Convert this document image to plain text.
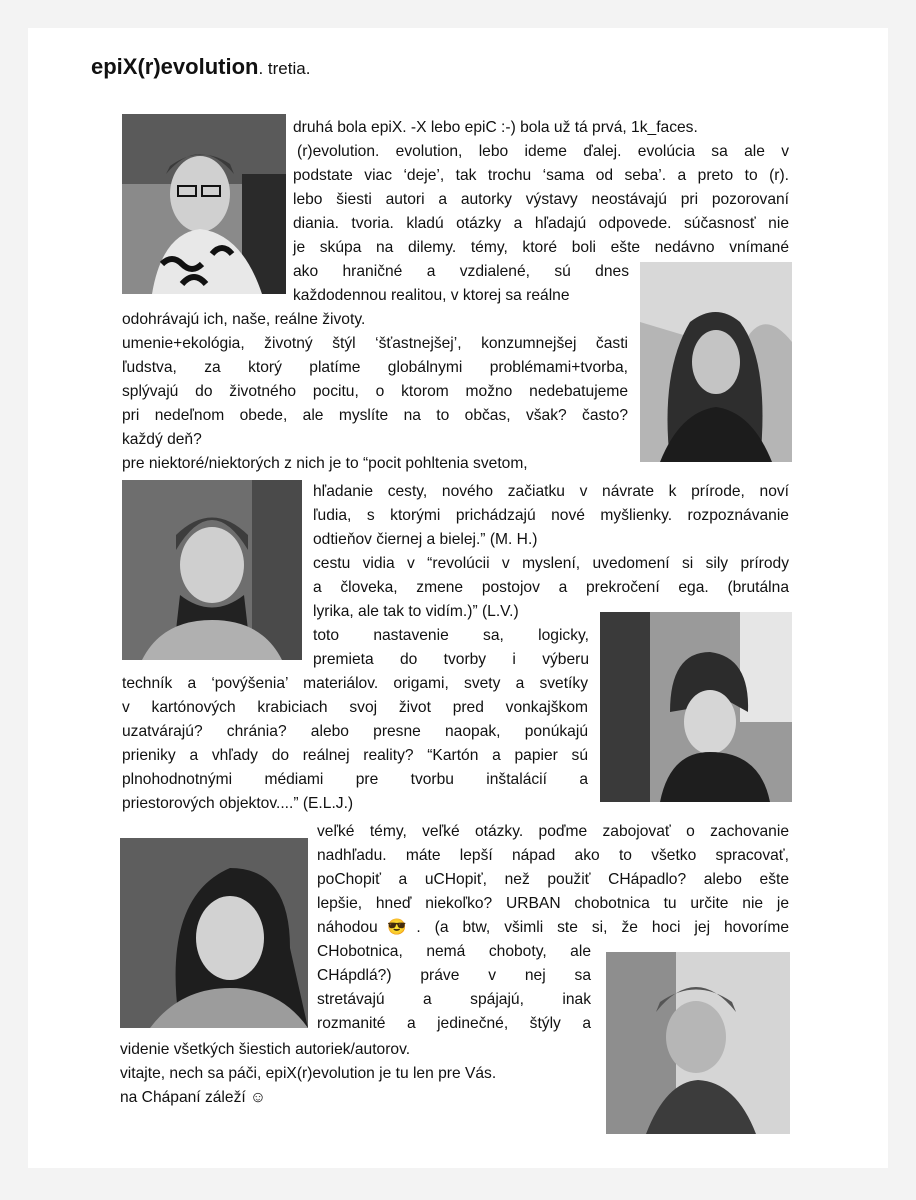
epiX(r)evolution. tretia.
druhá bola epiX. -X lebo epiC :-) bola už tá prvá, 1k_faces.
(r)evolution. evolution, lebo ideme ďalej. evolúcia sa ale v
podstate viac ‘deje’, tak trochu ‘sama od seba’. a preto to (r).
lebo šiesti autori a autorky výstavy neostávajú pri pozorovaní
diania. tvoria. kladú otázky a hľadajú odpovede. súčasnosť nie
je skúpa na dilemy. témy, ktoré boli ešte nedávno vnímané
ako hraničné a vzdialené, sú dnes
každodennou realitou, v ktorej sa reálne
odohrávajú ich, naše, reálne životy.
umenie+ekológia, životný štýl ‘šťastnejšej’, konzumnejšej časti
ľudstva, za ktorý platíme globálnymi problémami+tvorba,
splývajú do životného pocitu, o ktorom možno nedebatujeme
pri nedeľnom obede, ale myslíte na to občas, však? často?
každý deň?
pre niektoré/niektorých z nich je to “pocit pohltenia svetom,
hľadanie cesty, nového začiatku v návrate k prírode, noví
ľudia, s ktorými prichádzajú nové myšlienky. rozpoznávanie
odtieňov čiernej a bielej.” (M. H.)
cestu vidia v “revolúcii v myslení, uvedomení si sily prírody
a človeka, zmene postojov a prekročení ega. (brutálna
lyrika, ale tak to vidím.)” (L.V.)
toto nastavenie sa, logicky,
premieta do tvorby i výberu
techník a ‘povýšenia’ materiálov. origami, svety a svetíky
v kartónových krabiciach svoj život pred vonkajškom
uzatvárajú? chránia? alebo presne naopak, ponúkajú
prieniky a vhľady do reálnej reality? “Kartón a papier sú
plnohodnotnými médiami pre tvorbu inštalácií a
priestorových objektov....” (E.L.J.)
veľké témy, veľké otázky. poďme zabojovať o zachovanie
nadhľadu. máte lepší nápad ako to všetko spracovať,
poChopiť a uCHopiť, než použiť CHápadlo? alebo ešte
lepšie, hneď niekoľko? URBAN chobotnica tu určite nie je
náhodou😎. (a btw, všimli ste si, že hoci jej hovoríme
CHobotnica, nemá choboty, ale
CHápdlá?) práve v nej sa
stretávajú a spájajú, inak
rozmanité a jedinečné, štýly a
videnie všetkých šiestich autoriek/autorov.
vitajte, nech sa páči, epiX(r)evolution je tu len pre Vás.
na Chápaní záleží ☺
